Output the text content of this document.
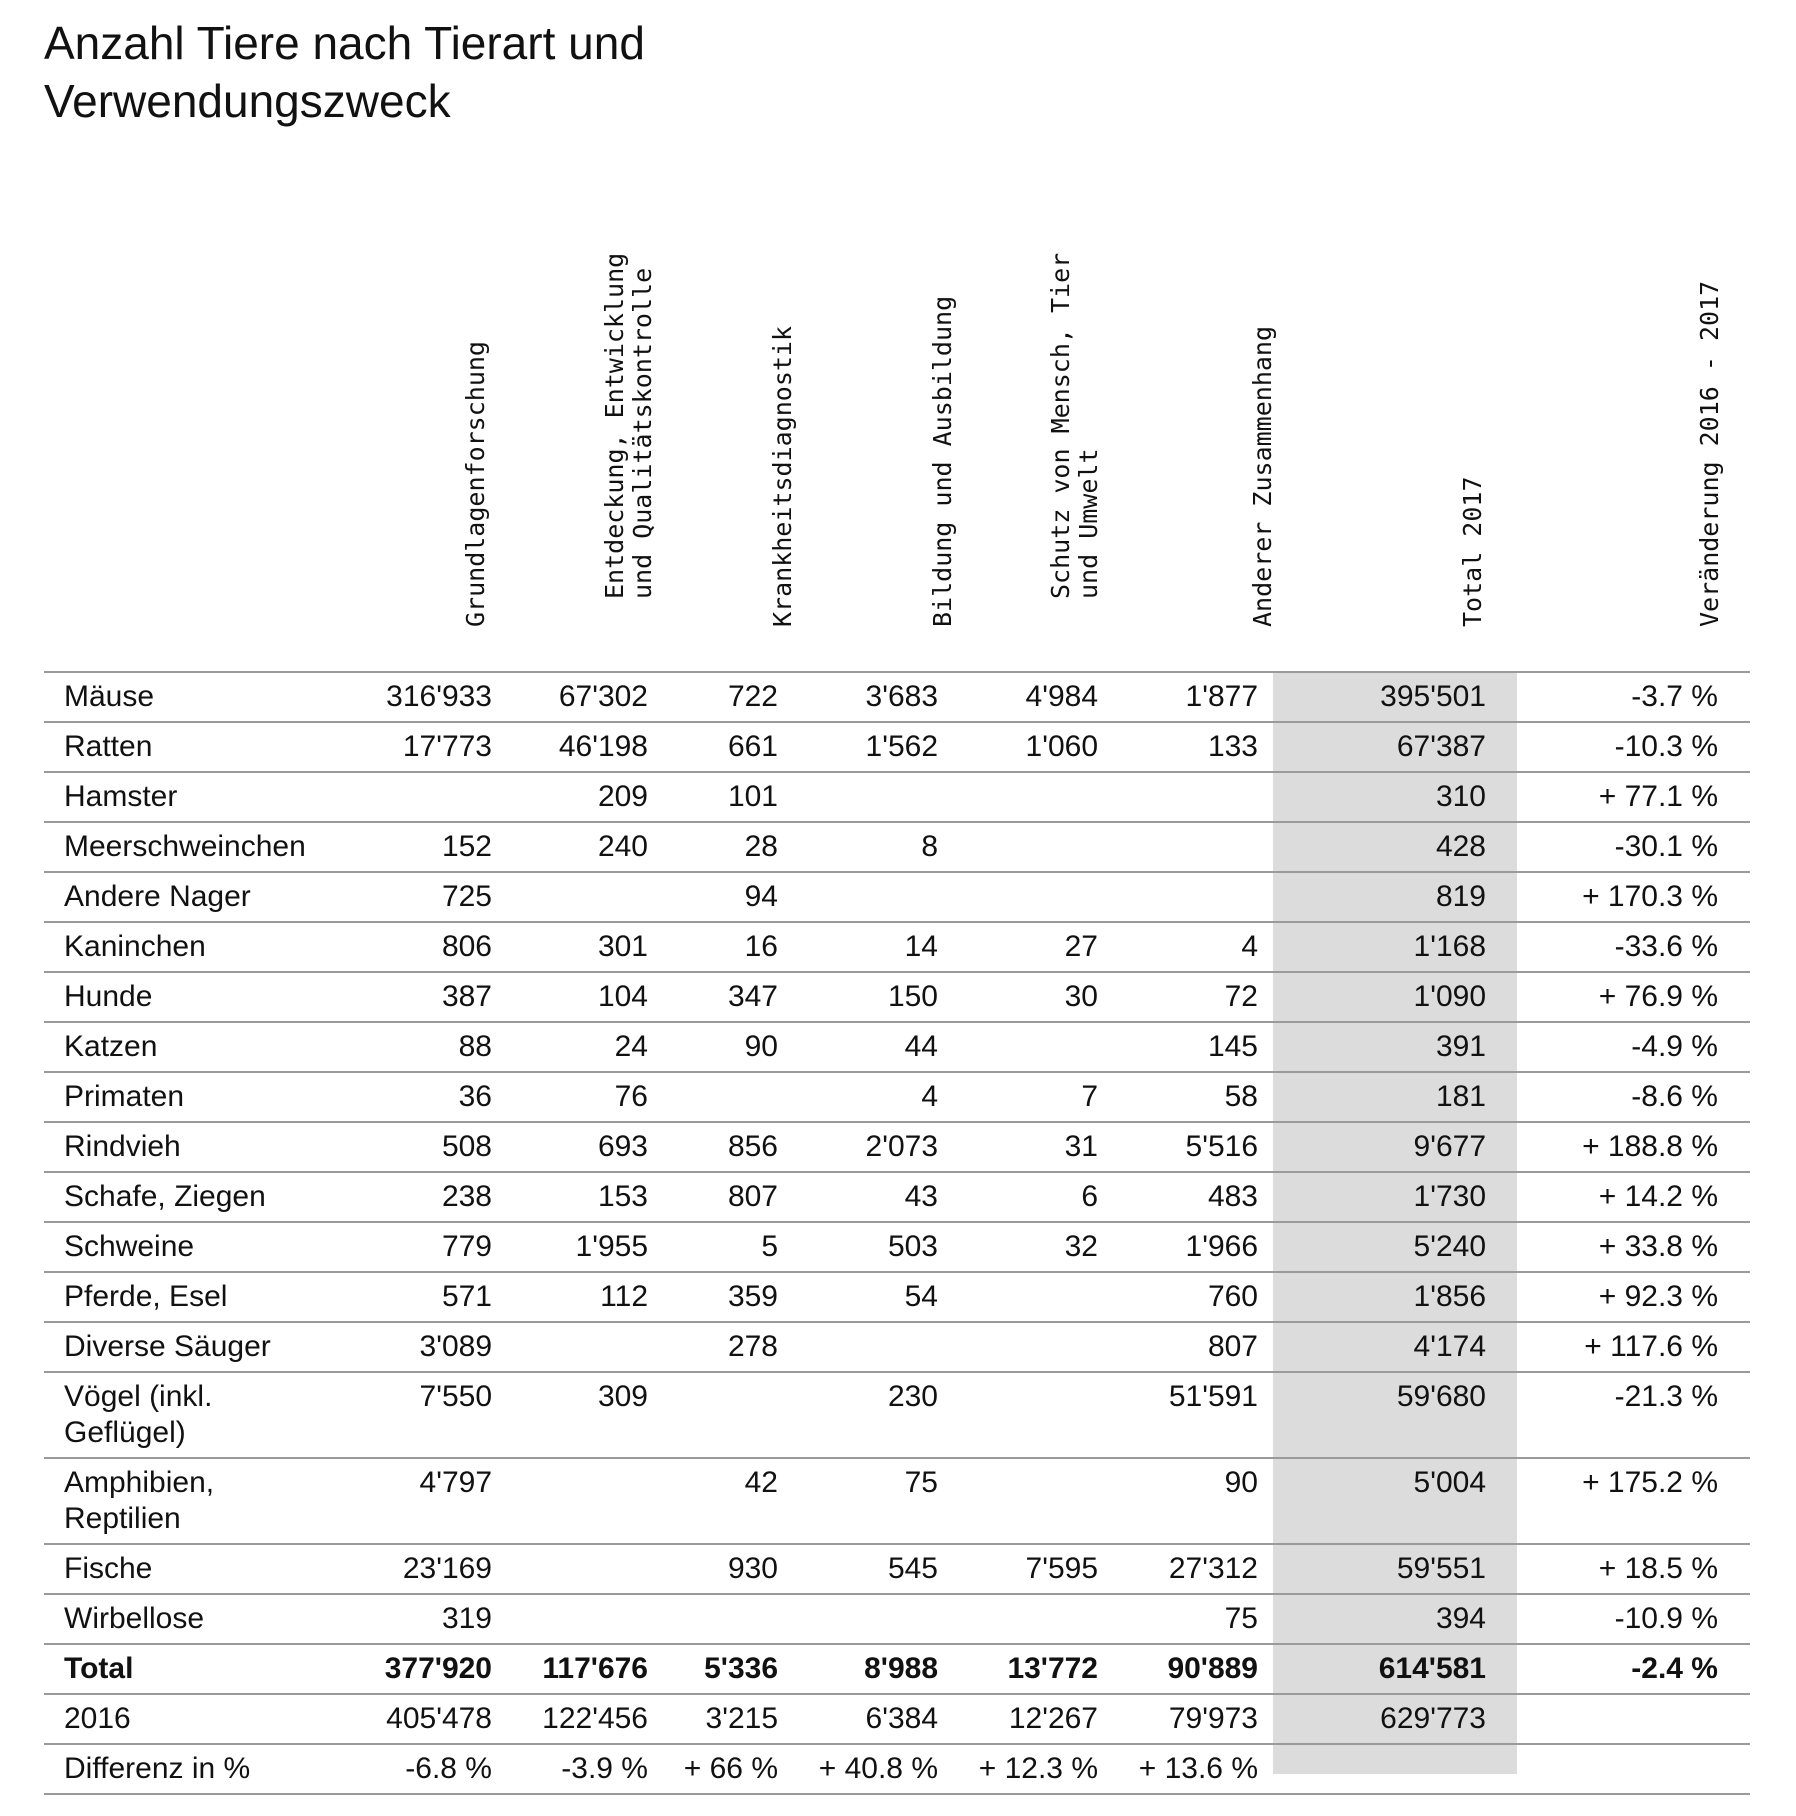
Anzahl Tiere nach Tierart und Verwendungszweck
Grundlagenforschung	Entdeckung, Entwicklung
und Qualitätskontrolle	Krankheitsdiagnostik	Bildung und Ausbildung	Schutz von Mensch, Tier
und Umwelt	Anderer Zusammenhang	Total 2017	Veränderung 2016 - 2017
Mäuse	316'933	67'302	722	3'683	4'984	1'877	395'501	-3.7 %
Ratten	17'773	46'198	661	1'562	1'060	133	67'387	-10.3 %
Hamster		209	101				310	+ 77.1 %
Meerschweinchen	152	240	28	8			428	-30.1 %
Andere Nager	725		94				819	+ 170.3 %
Kaninchen	806	301	16	14	27	4	1'168	-33.6 %
Hunde	387	104	347	150	30	72	1'090	+ 76.9 %
Katzen	88	24	90	44		145	391	-4.9 %
Primaten	36	76		4	7	58	181	-8.6 %
Rindvieh	508	693	856	2'073	31	5'516	9'677	+ 188.8 %
Schafe, Ziegen	238	153	807	43	6	483	1'730	+ 14.2 %
Schweine	779	1'955	5	503	32	1'966	5'240	+ 33.8 %
Pferde, Esel	571	112	359	54		760	1'856	+ 92.3 %
Diverse Säuger	3'089		278			807	4'174	+ 117.6 %
Vögel (inkl. Geflügel)	7'550	309		230		51'591	59'680	-21.3 %
Amphibien, Reptilien	4'797		42	75		90	5'004	+ 175.2 %
Fische	23'169		930	545	7'595	27'312	59'551	+ 18.5 %
Wirbellose	319					75	394	-10.9 %
Total	377'920	117'676	5'336	8'988	13'772	90'889	614'581	-2.4 %
2016	405'478	122'456	3'215	6'384	12'267	79'973	629'773	
Differenz in %	-6.8 %	-3.9 %	+ 66 %	+ 40.8 %	+ 12.3 %	+ 13.6 %		
